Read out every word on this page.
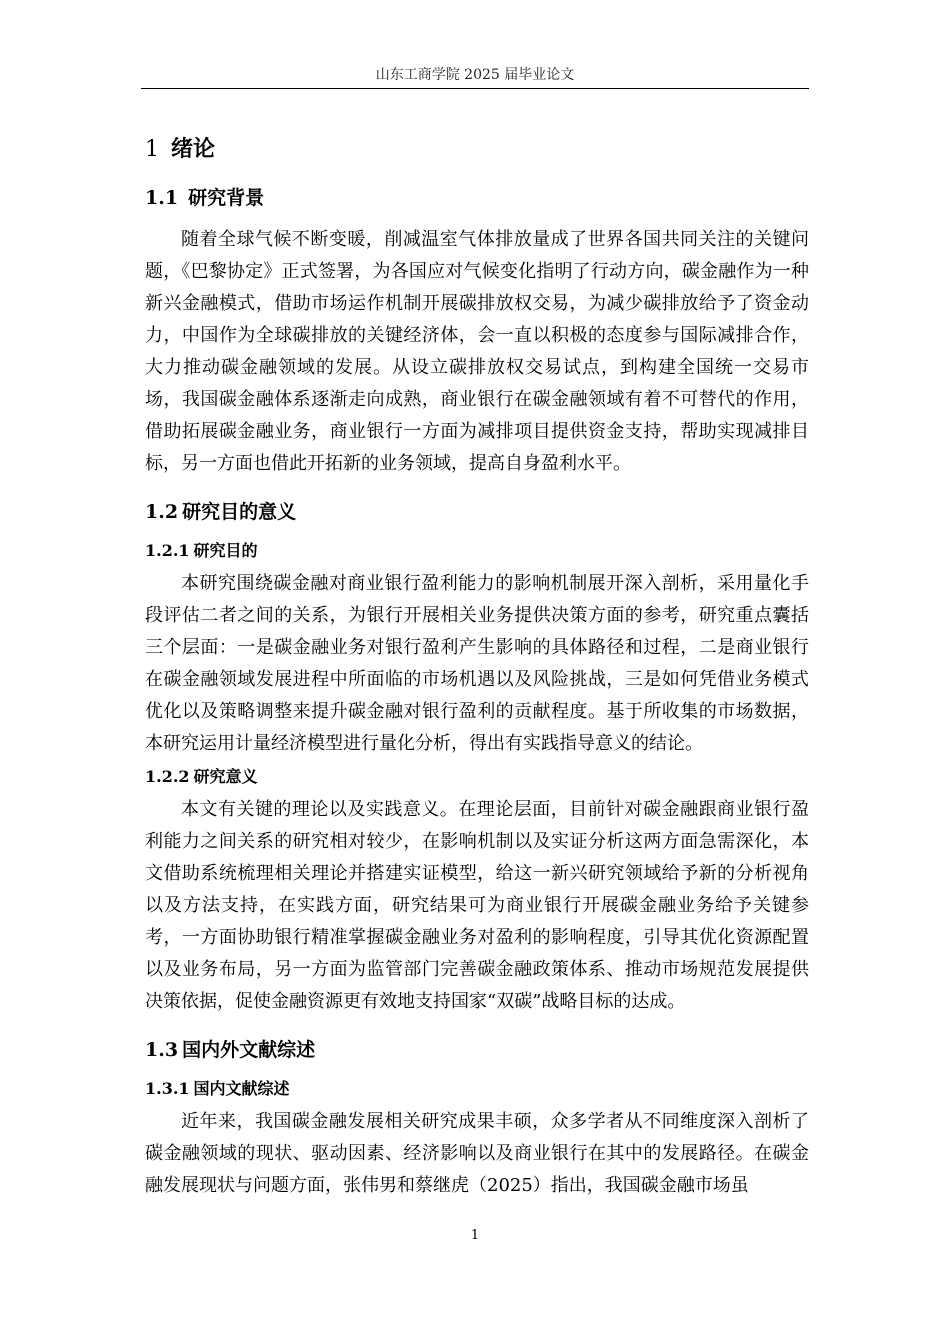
山东工商学院 2025 届毕业论文
1 绪论
1.1 研究背景

随着全球气候不断变暖，削减温室气体排放量成了世界各国共同关注的关键问题，《巴黎协定》正式签署，为各国应对气候变化指明了行动方向，碳金融作为一种新兴金融模式，借助市场运作机制开展碳排放权交易，为减少碳排放给予了资金动力，中国作为全球碳排放的关键经济体，会一直以积极的态度参与国际减排合作，大力推动碳金融领域的发展。从设立碳排放权交易试点，到构建全国统一交易市场，我国碳金融体系逐渐走向成熟，商业银行在碳金融领域有着不可替代的作用，借助拓展碳金融业务，商业银行一方面为减排项目提供资金支持，帮助实现减排目标，另一方面也借此开拓新的业务领域，提高自身盈利水平。

1.2 研究目的意义
1.2.1 研究目的

本研究围绕碳金融对商业银行盈利能力的影响机制展开深入剖析，采用量化手段评估二者之间的关系，为银行开展相关业务提供决策方面的参考，研究重点囊括三个层面：一是碳金融业务对银行盈利产生影响的具体路径和过程，二是商业银行在碳金融领域发展进程中所面临的市场机遇以及风险挑战，三是如何凭借业务模式优化以及策略调整来提升碳金融对银行盈利的贡献程度。基于所收集的市场数据，本研究运用计量经济模型进行量化分析，得出有实践指导意义的结论。

1.2.2 研究意义

本文有关键的理论以及实践意义。在理论层面，目前针对碳金融跟商业银行盈利能力之间关系的研究相对较少，在影响机制以及实证分析这两方面急需深化，本文借助系统梳理相关理论并搭建实证模型，给这一新兴研究领域给予新的分析视角以及方法支持，在实践方面，研究结果可为商业银行开展碳金融业务给予关键参考，一方面协助银行精准掌握碳金融业务对盈利的影响程度，引导其优化资源配置以及业务布局，另一方面为监管部门完善碳金融政策体系、推动市场规范发展提供决策依据，促使金融资源更有效地支持国家“双碳”战略目标的达成。

1.3 国内外文献综述
1.3.1 国内文献综述

近年来，我国碳金融发展相关研究成果丰硕，众多学者从不同维度深入剖析了碳金融领域的现状、驱动因素、经济影响以及商业银行在其中的发展路径。在碳金融发展现状与问题方面，张伟男和蔡继虎（2025）指出，我国碳金融市场虽

1
